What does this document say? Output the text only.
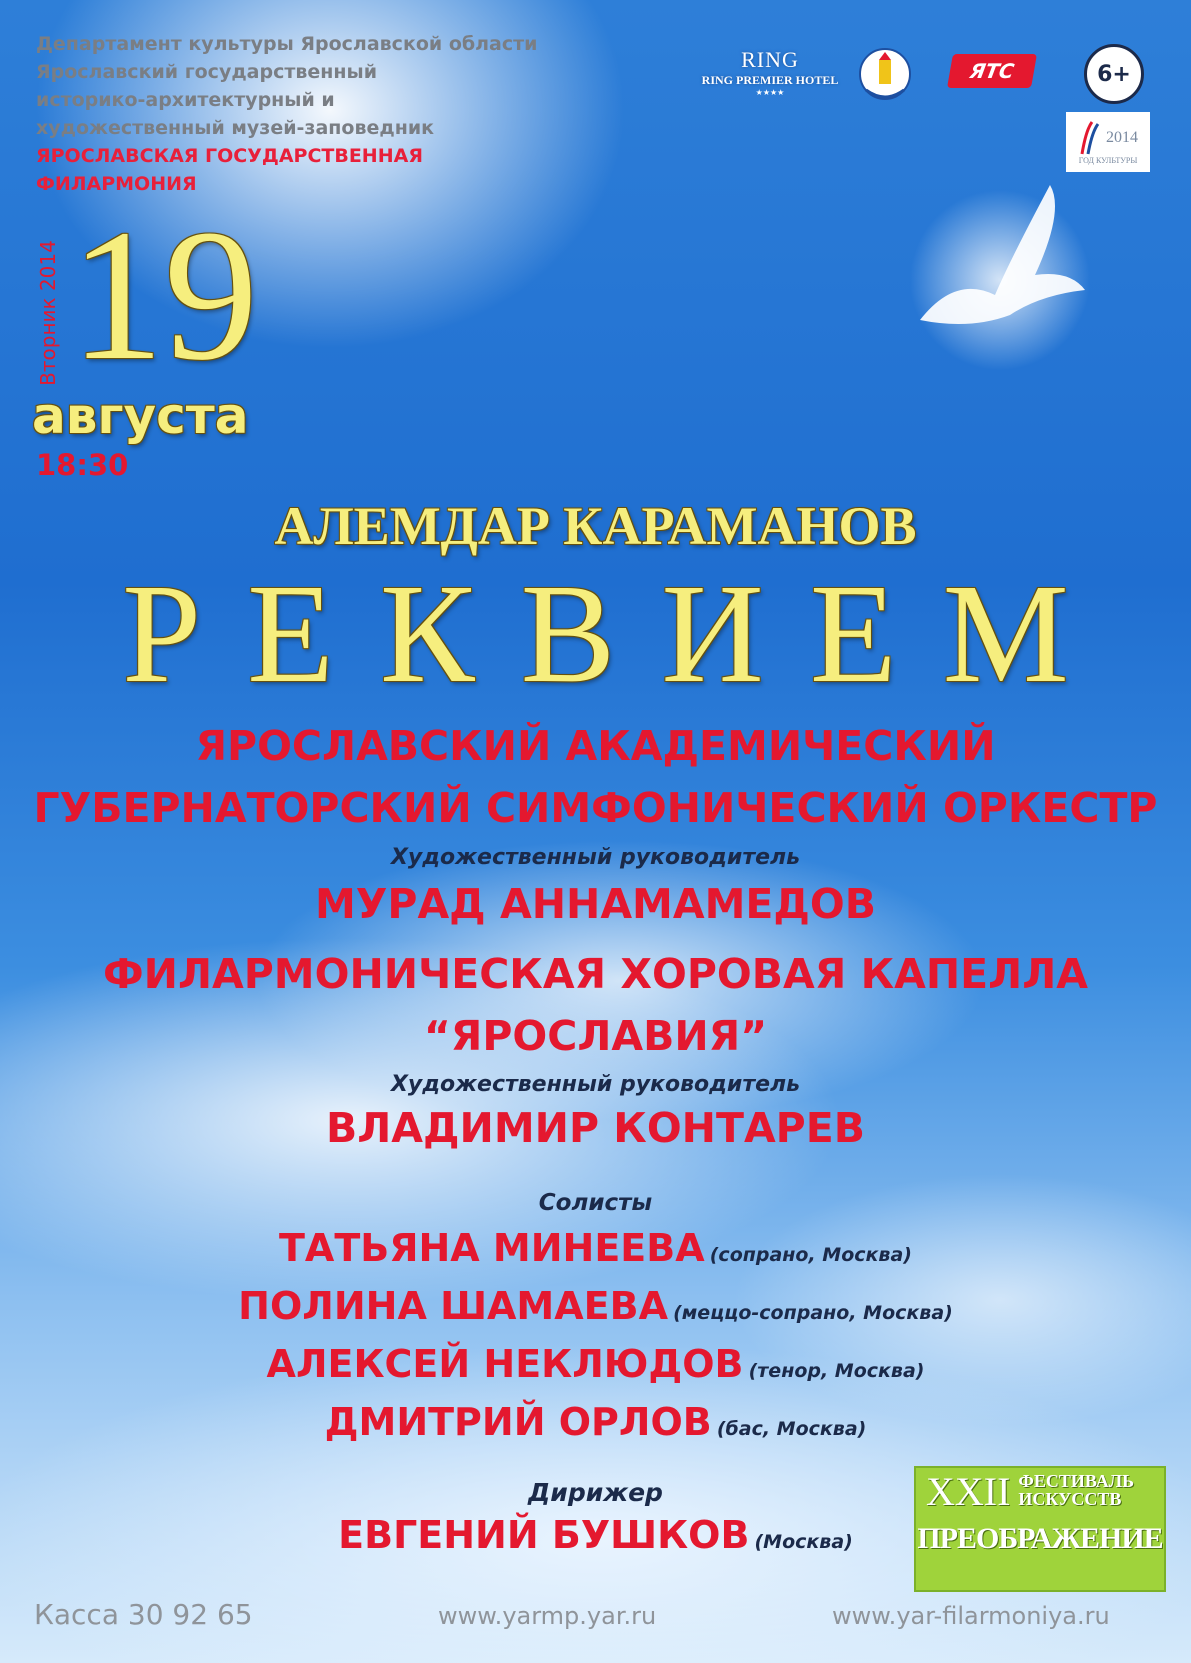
Департамент культуры Ярославской области
Ярославский государственный
историко-архитектурный и
художественный музей-заповедник
ЯРОСЛАВСКАЯ ГОСУДАРСТВЕННАЯ
ФИЛАРМОНИЯ
RING
RING PREMIER HOTEL
★★★★
ЯТС	6+
2014
ГОД КУЛЬТУРЫ
Вторник 2014 19
августа
18:30
АЛЕМДАР КАРАМАНОВ
РЕКВИЕМ
ЯРОСЛАВСКИЙ АКАДЕМИЧЕСКИЙ
ГУБЕРНАТОРСКИЙ СИМФОНИЧЕСКИЙ ОРКЕСТР
Художественный руководитель
МУРАД АННАМАМЕДОВ
ФИЛАРМОНИЧЕСКАЯ ХОРОВАЯ КАПЕЛЛА
“ЯРОСЛАВИЯ”
Художественный руководитель
ВЛАДИМИР КОНТАРЕВ
Солисты
ТАТЬЯНА МИНЕЕВА (сопрано, Москва)
ПОЛИНА ШАМАЕВА (меццо-сопрано, Москва)
АЛЕКСЕЙ НЕКЛЮДОВ (тенор, Москва)
ДМИТРИЙ ОРЛОВ (бас, Москва)
Дирижер
ЕВГЕНИЙ БУШКОВ (Москва)
XXII ФЕСТИВАЛЬ
ИСКУССТВ
ПРЕОБРАЖЕНИЕ
Касса 30 92 65	www.yarmp.yar.ru	www.yar-filarmoniya.ru
